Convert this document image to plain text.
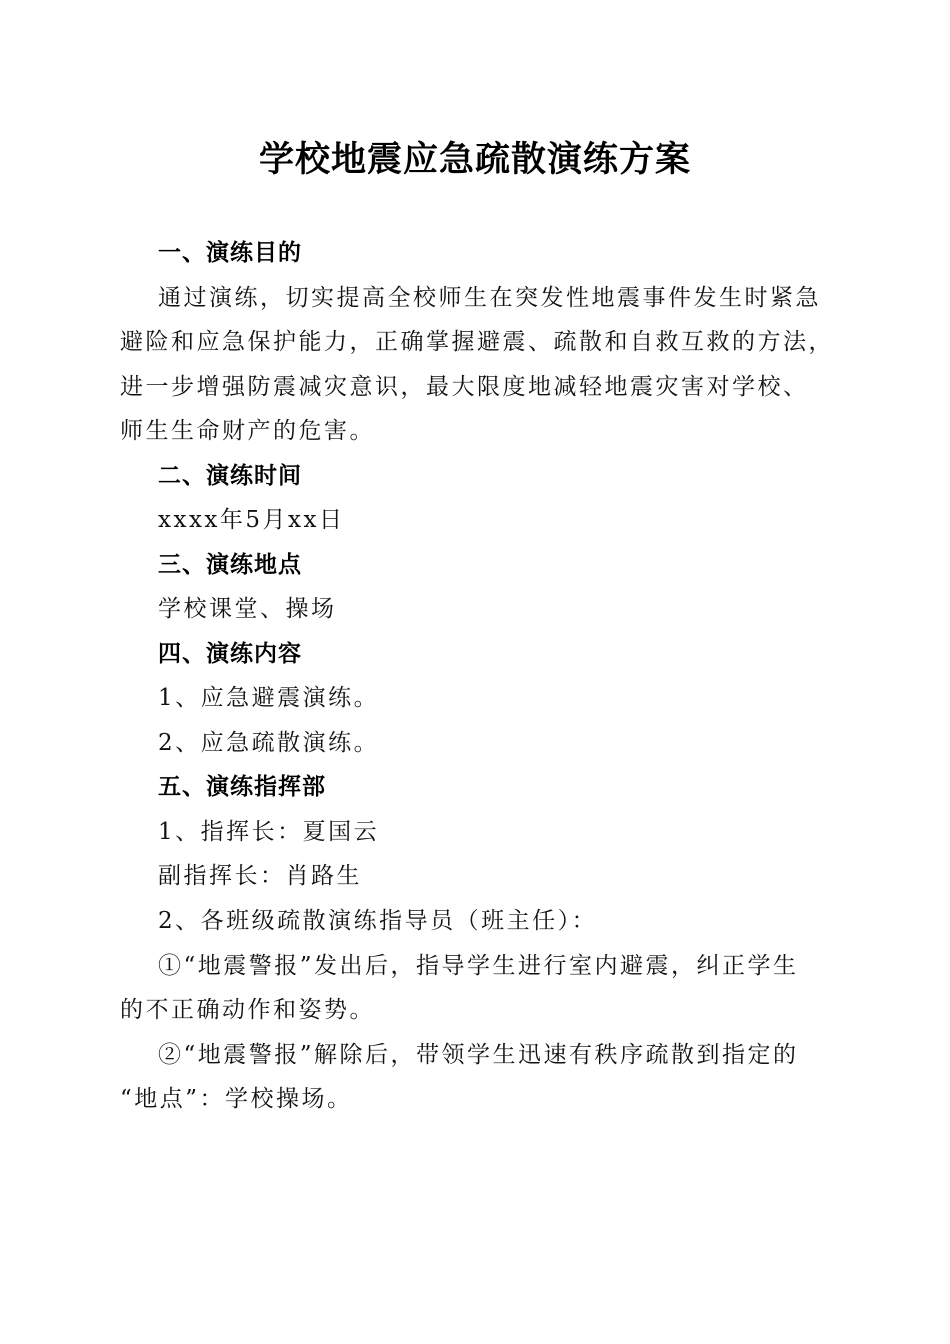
学校地震应急疏散演练方案
一、演练目的
通过演练，切实提高全校师生在突发性地震事件发生时紧急
避险和应急保护能力，正确掌握避震、疏散和自救互救的方法，
进一步增强防震减灾意识，最大限度地减轻地震灾害对学校、
师生生命财产的危害。
二、演练时间
xxxx年5月xx日
三、演练地点
学校课堂、操场
四、演练内容
1、应急避震演练。
2、应急疏散演练。
五、演练指挥部
1、指挥长：夏国云
副指挥长：肖路生
2、各班级疏散演练指导员（班主任）：
①“地震警报”发出后，指导学生进行室内避震，纠正学生
的不正确动作和姿势。
②“地震警报”解除后，带领学生迅速有秩序疏散到指定的
“地点”：学校操场。
